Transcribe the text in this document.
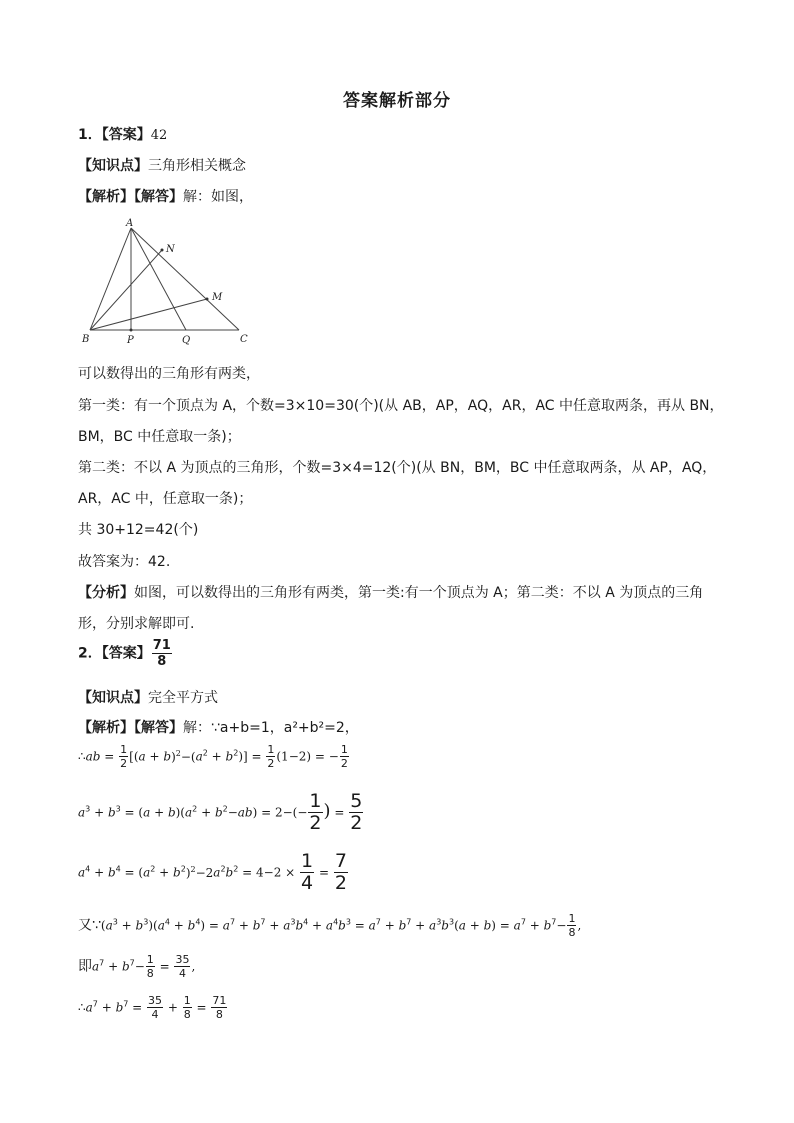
答案解析部分
1．【答案】42
【知识点】三角形相关概念
【解析】【解答】解：如图，
A
N
M
B	P	Q	C
可以数得出的三角形有两类，
第一类：有一个顶点为 A，个数=3×10=30(个)(从 AB，AP，AQ，AR，AC 中任意取两条，再从 BN，
BM，BC 中任意取一条)；
第二类：不以 A 为顶点的三角形，个数=3×4=12(个)(从 BN，BM，BC 中任意取两条，从 AP，AQ，
AR，AC 中，任意取一条)；
共 30+12=42(个)
故答案为：42.
【分析】如图，可以数得出的三角形有两类，第一类:有一个顶点为 A；第二类：不以 A 为顶点的三角
形，分别求解即可.
2．【答案】 $\frac{71}{8}$
【知识点】完全平方式
【解析】【解答】解：∵a+b=1，a²+b²=2，
∴ab = $\frac{1}{2} [(a + b)^2-(a^2 + b^2)] = \frac{1}{2} (1-2)$ = − $\frac{1}{2}$
$a^3 + b^3 = (a + b)(a^2 + b^2-ab) = 2-(- \frac{1}{2}$ ) = $\frac{5}{2}$
$a^4 + b^4 = (a^2 + b^2)^2-2a^2b^2 = 4-2 \times \frac{1}{4} = \frac{7}{2}$
又$\because(a^3 + b^3)(a^4 + b^4) = a^7 + b^7 + a^3b^4 + a^4b^3 = a^7 + b^7 + a^3b^3(a + b) = a^7 + b^7- \frac{1}{8}$ ,
即$a^7 + b^7- \frac{1}{8} = \frac{35}{4}$ ,
$\therefore a^7 + b^7 = \frac{35}{4} + \frac{1}{8} = \frac{71}{8}$
